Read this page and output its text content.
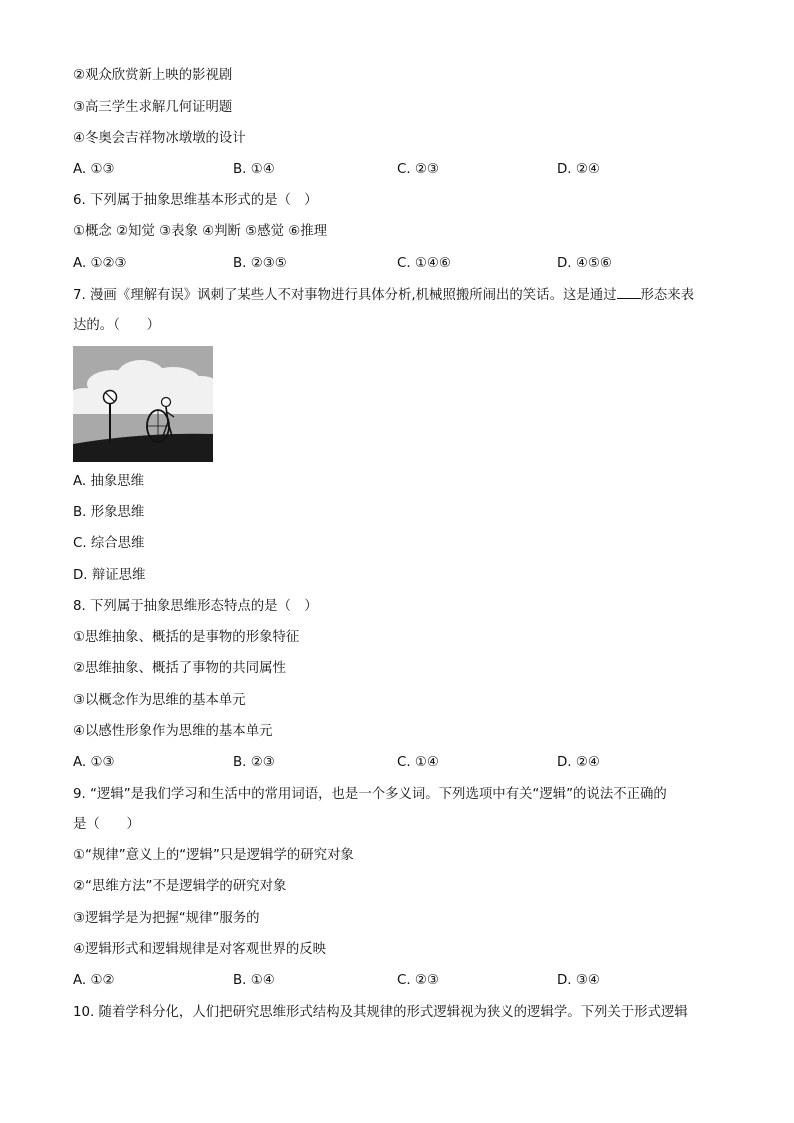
②观众欣赏新上映的影视剧
③高三学生求解几何证明题
④冬奥会吉祥物冰墩墩的设计
A. ①③	B. ①④	C. ②③	D. ②④
6. 下列属于抽象思维基本形式的是（　）
①概念 ②知觉 ③表象 ④判断 ⑤感觉 ⑥推理
A. ①②③	B. ②③⑤	C. ①④⑥	D. ④⑤⑥
7. 漫画《理解有误》讽刺了某些人不对事物进行具体分析,机械照搬所闹出的笑话。这是通过 形态来表
达的。（　　）
A. 抽象思维
B. 形象思维
C. 综合思维
D. 辩证思维
8. 下列属于抽象思维形态特点的是（　）
①思维抽象、概括的是事物的形象特征
②思维抽象、概括了事物的共同属性
③以概念作为思维的基本单元
④以感性形象作为思维的基本单元
A. ①③	B. ②③	C. ①④	D. ②④
9. “逻辑”是我们学习和生活中的常用词语，也是一个多义词。下列选项中有关“逻辑”的说法不正确的
是（　　）
①“规律”意义上的“逻辑”只是逻辑学的研究对象
②“思维方法”不是逻辑学的研究对象
③逻辑学是为把握“规律”服务的
④逻辑形式和逻辑规律是对客观世界的反映
A. ①②	B. ①④	C. ②③	D. ③④
10. 随着学科分化，人们把研究思维形式结构及其规律的形式逻辑视为狭义的逻辑学。下列关于形式逻辑
